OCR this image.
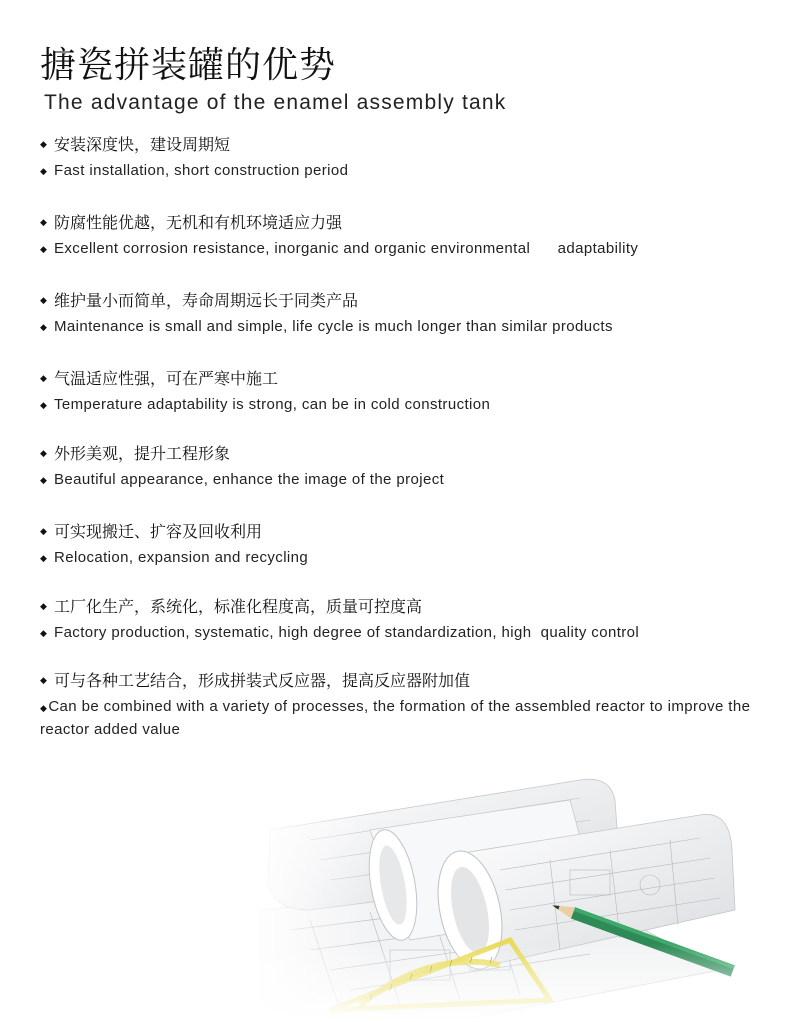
搪瓷拼装罐的优势
The advantage of the enamel assembly tank
◆ 安装深度快，建设周期短
◆ Fast installation, short construction period
◆ 防腐性能优越，无机和有机环境适应力强
◆ Excellent corrosion resistance, inorganic and organic environmental      adaptability
◆ 维护量小而简单，寿命周期远长于同类产品
◆ Maintenance is small and simple, life cycle is much longer than similar products
◆ 气温适应性强，可在严寒中施工
◆ Temperature adaptability is strong, can be in cold construction
◆ 外形美观，提升工程形象
◆ Beautiful appearance, enhance the image of the project
◆ 可实现搬迁、扩容及回收利用
◆ Relocation, expansion and recycling
◆ 工厂化生产，系统化，标准化程度高，质量可控度高
◆ Factory production, systematic, high degree of standardization, high  quality control
◆ 可与各种工艺结合，形成拼装式反应器，提高反应器附加值
◆Can be combined with a variety of processes, the formation of the assembled reactor to improve the reactor added value
